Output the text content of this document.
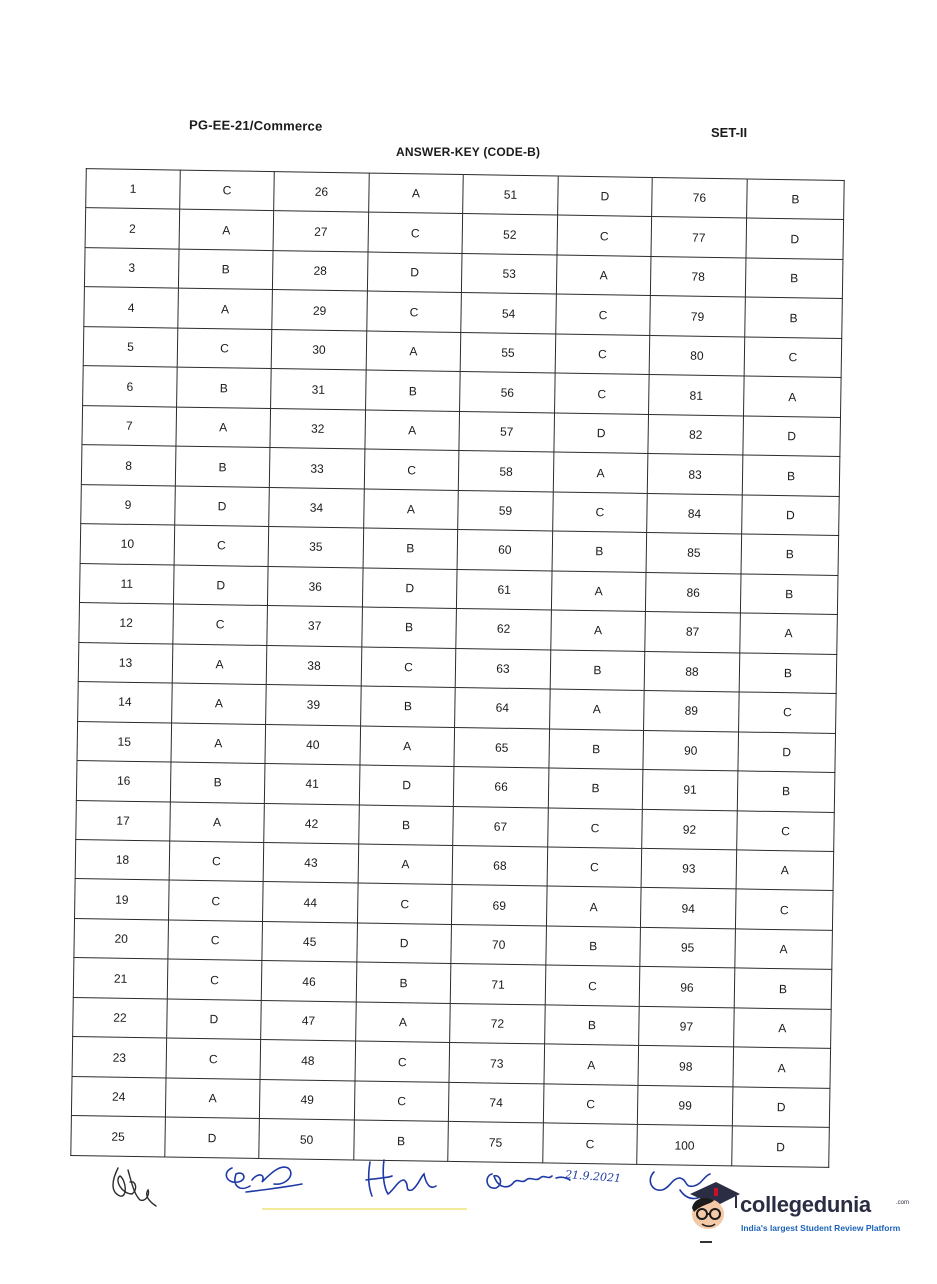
PG-EE-21/Commerce	SET-II
ANSWER-KEY (CODE-B)
1	C	26	A	51	D	76	B
2	A	27	C	52	C	77	D
3	B	28	D	53	A	78	B
4	A	29	C	54	C	79	B
5	C	30	A	55	C	80	C
6	B	31	B	56	C	81	A
7	A	32	A	57	D	82	D
8	B	33	C	58	A	83	B
9	D	34	A	59	C	84	D
10	C	35	B	60	B	85	B
11	D	36	D	61	A	86	B
12	C	37	B	62	A	87	A
13	A	38	C	63	B	88	B
14	A	39	B	64	A	89	C
15	A	40	A	65	B	90	D
16	B	41	D	66	B	91	B
17	A	42	B	67	C	92	C
18	C	43	A	68	C	93	A
19	C	44	C	69	A	94	C
20	C	45	D	70	B	95	A
21	C	46	B	71	C	96	B
22	D	47	A	72	B	97	A
23	C	48	C	73	A	98	A
24	A	49	C	74	C	99	D
25	D	50	B	75	C	100	D
21.9.2021
collegedunia	.com
India's largest Student Review Platform
